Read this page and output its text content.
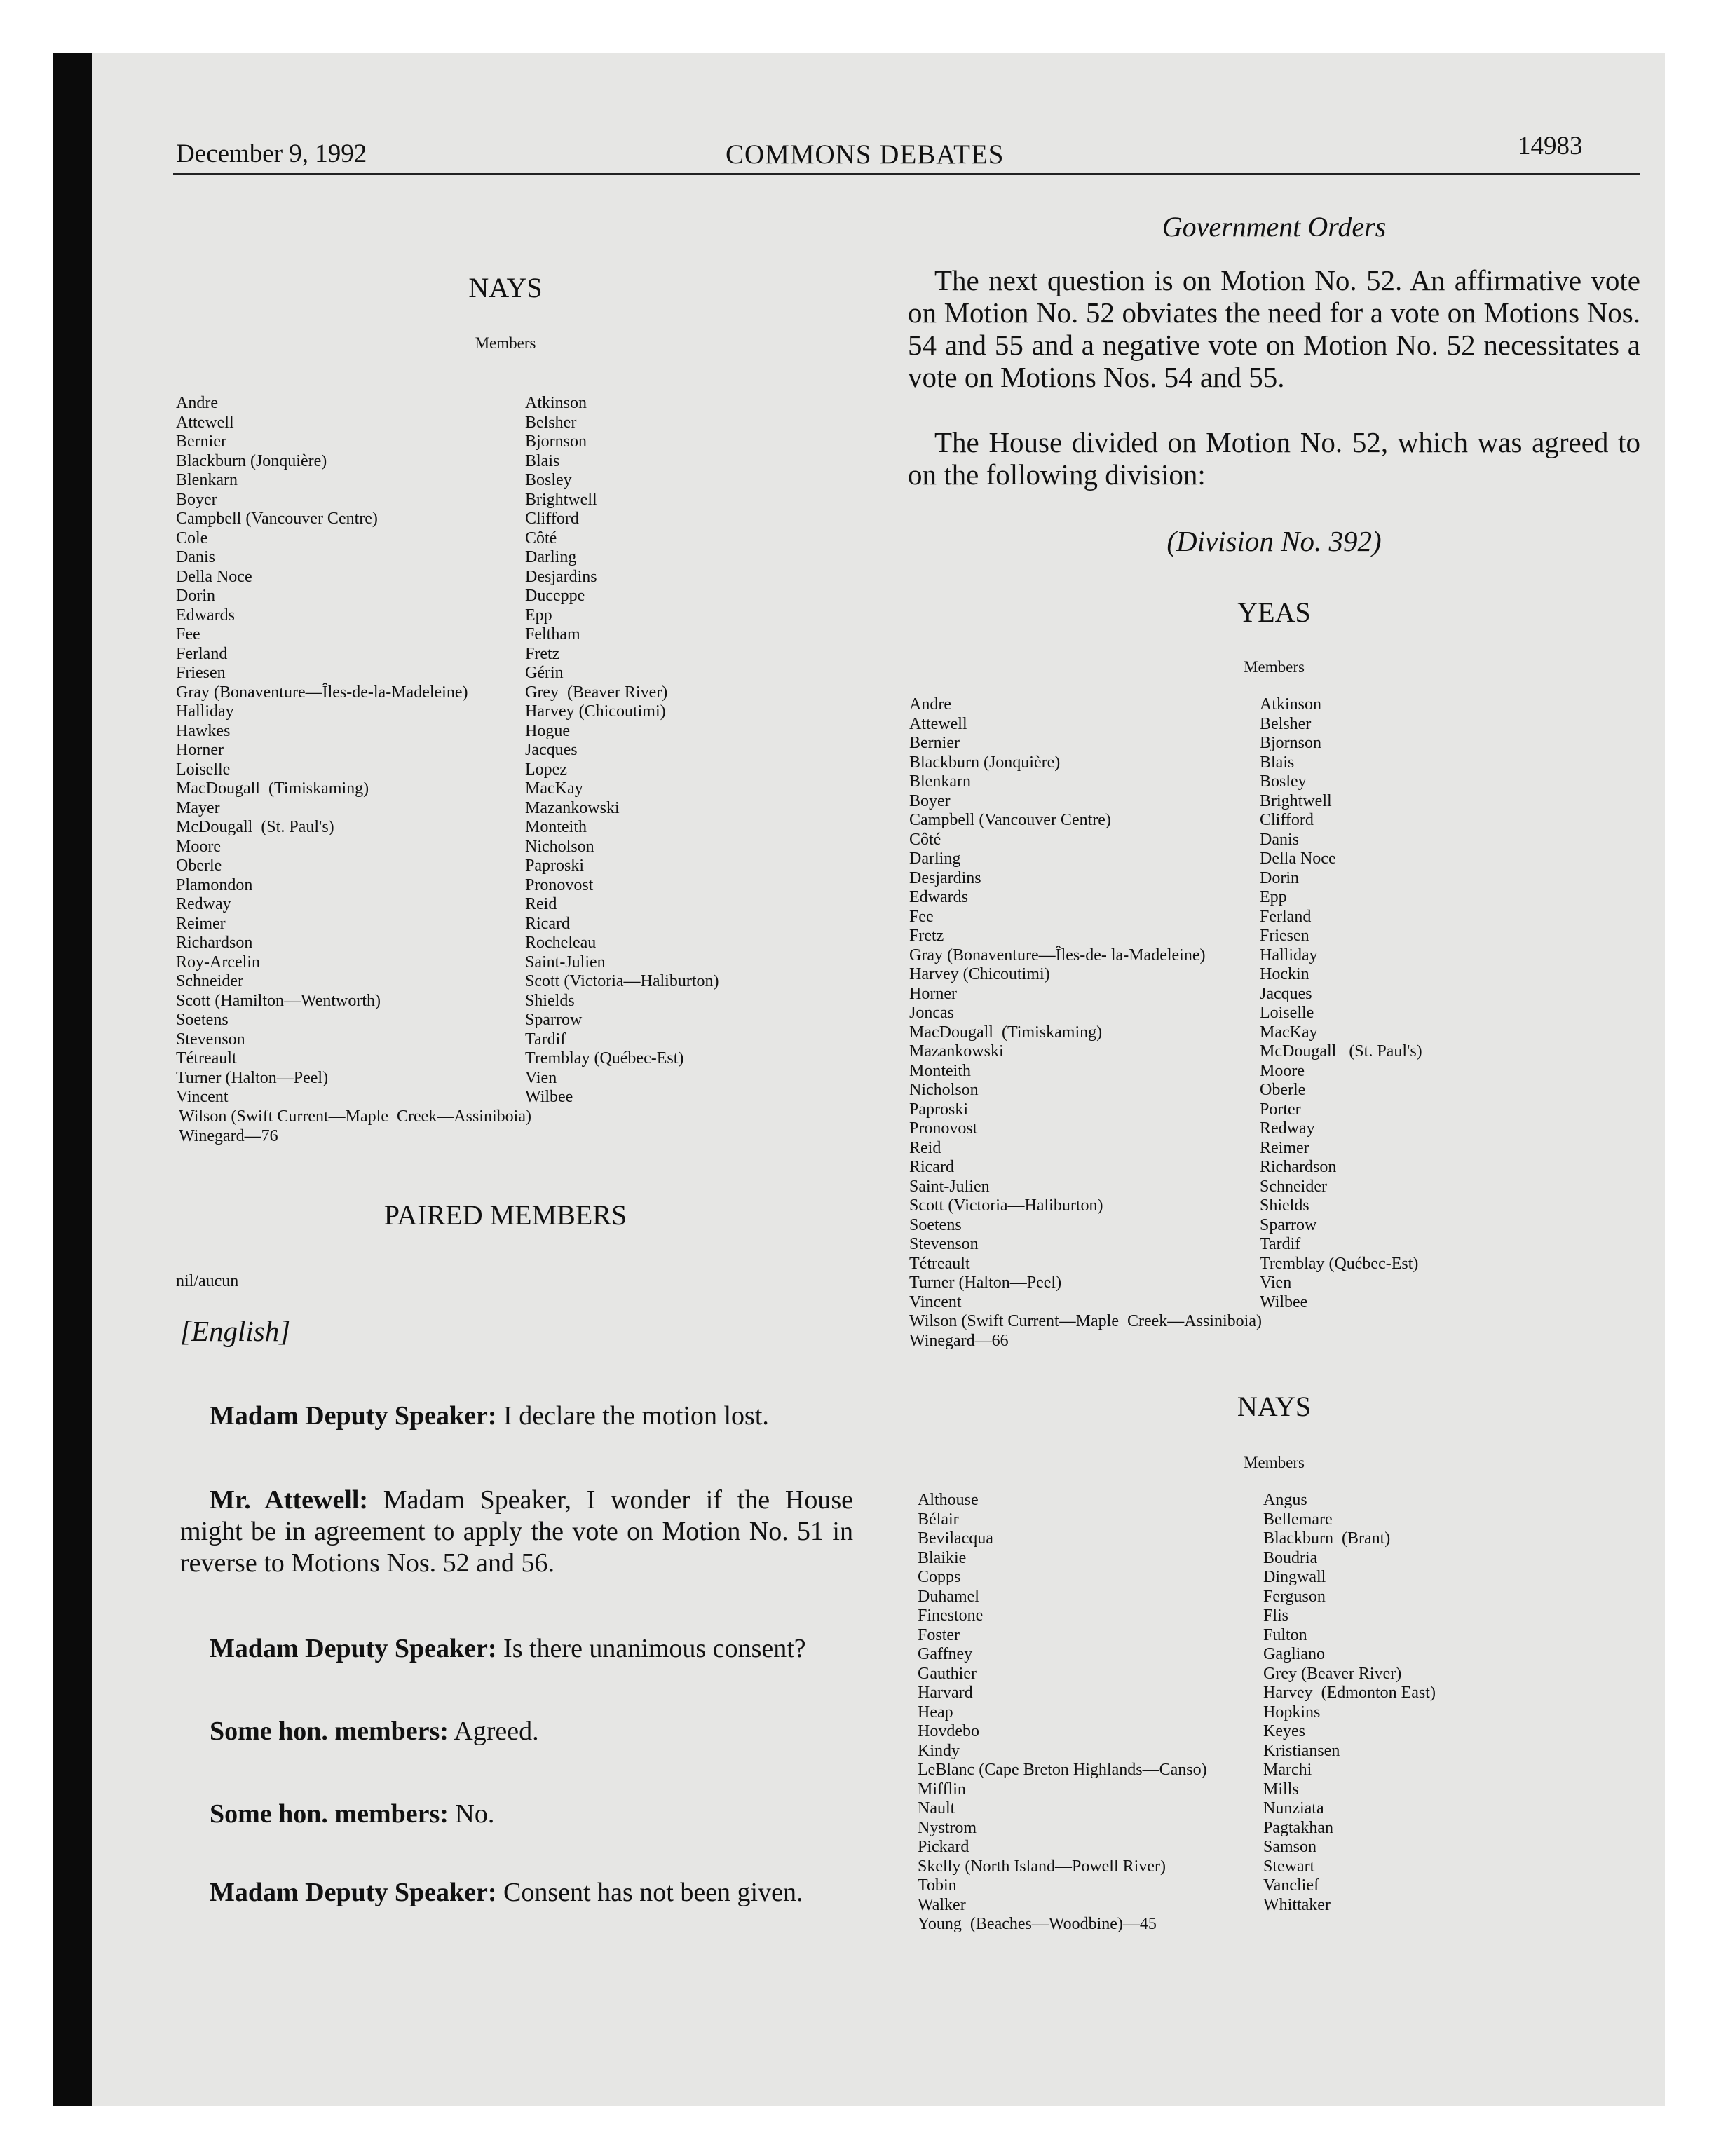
December 9, 1992	COMMONS DEBATES	14983
NAYS
Members
Andre
Attewell
Bernier
Blackburn (Jonquière)
Blenkarn
Boyer
Campbell (Vancouver Centre)
Cole
Danis
Della Noce
Dorin
Edwards
Fee
Ferland
Friesen
Gray (Bonaventure—Îles-de-la-Madeleine)
Halliday
Hawkes
Horner
Loiselle
MacDougall  (Timiskaming)
Mayer
McDougall  (St. Paul's)
Moore
Oberle
Plamondon
Redway
Reimer
Richardson
Roy-Arcelin
Schneider
Scott (Hamilton—Wentworth)
Soetens
Stevenson
Tétreault
Turner (Halton—Peel)
Vincent
Atkinson
Belsher
Bjornson
Blais
Bosley
Brightwell
Clifford
Côté
Darling
Desjardins
Duceppe
Epp
Feltham
Fretz
Gérin
Grey  (Beaver River)
Harvey (Chicoutimi)
Hogue
Jacques
Lopez
MacKay
Mazankowski
Monteith
Nicholson
Paproski
Pronovost
Reid
Ricard
Rocheleau
Saint-Julien
Scott (Victoria—Haliburton)
Shields
Sparrow
Tardif
Tremblay (Québec-Est)
Vien
Wilbee
Wilson (Swift Current—Maple  Creek—Assiniboia)
Winegard—76
PAIRED MEMBERS
nil/aucun
[English]
Madam Deputy Speaker: I declare the motion lost.
Mr. Attewell: Madam Speaker, I wonder if the House might be in agreement to apply the vote on Motion No. 51 in reverse to Motions Nos. 52 and 56.
Madam Deputy Speaker: Is there unanimous consent?
Some hon. members: Agreed.
Some hon. members: No.
Madam Deputy Speaker: Consent has not been given.
Government Orders
The next question is on Motion No. 52. An affirmative vote on Motion No. 52 obviates the need for a vote on Motions Nos. 54 and 55 and a negative vote on Motion No. 52 necessitates a vote on Motions Nos. 54 and 55.
The House divided on Motion No. 52, which was agreed to on the following division:
(Division No. 392)
YEAS
Members
Andre
Attewell
Bernier
Blackburn (Jonquière)
Blenkarn
Boyer
Campbell (Vancouver Centre)
Côté
Darling
Desjardins
Edwards
Fee
Fretz
Gray (Bonaventure—Îles-de- la-Madeleine)
Harvey (Chicoutimi)
Horner
Joncas
MacDougall  (Timiskaming)
Mazankowski
Monteith
Nicholson
Paproski
Pronovost
Reid
Ricard
Saint-Julien
Scott (Victoria—Haliburton)
Soetens
Stevenson
Tétreault
Turner (Halton—Peel)
Vincent
Atkinson
Belsher
Bjornson
Blais
Bosley
Brightwell
Clifford
Danis
Della Noce
Dorin
Epp
Ferland
Friesen
Halliday
Hockin
Jacques
Loiselle
MacKay
McDougall   (St. Paul's)
Moore
Oberle
Porter
Redway
Reimer
Richardson
Schneider
Shields
Sparrow
Tardif
Tremblay (Québec-Est)
Vien
Wilbee
Wilson (Swift Current—Maple  Creek—Assiniboia)
Winegard—66
NAYS
Members
Althouse
Bélair
Bevilacqua
Blaikie
Copps
Duhamel
Finestone
Foster
Gaffney
Gauthier
Harvard
Heap
Hovdebo
Kindy
LeBlanc (Cape Breton Highlands—Canso)
Mifflin
Nault
Nystrom
Pickard
Skelly (North Island—Powell River)
Tobin
Walker
Young  (Beaches—Woodbine)—45
Angus
Bellemare
Blackburn  (Brant)
Boudria
Dingwall
Ferguson
Flis
Fulton
Gagliano
Grey (Beaver River)
Harvey  (Edmonton East)
Hopkins
Keyes
Kristiansen
Marchi
Mills
Nunziata
Pagtakhan
Samson
Stewart
Vanclief
Whittaker
